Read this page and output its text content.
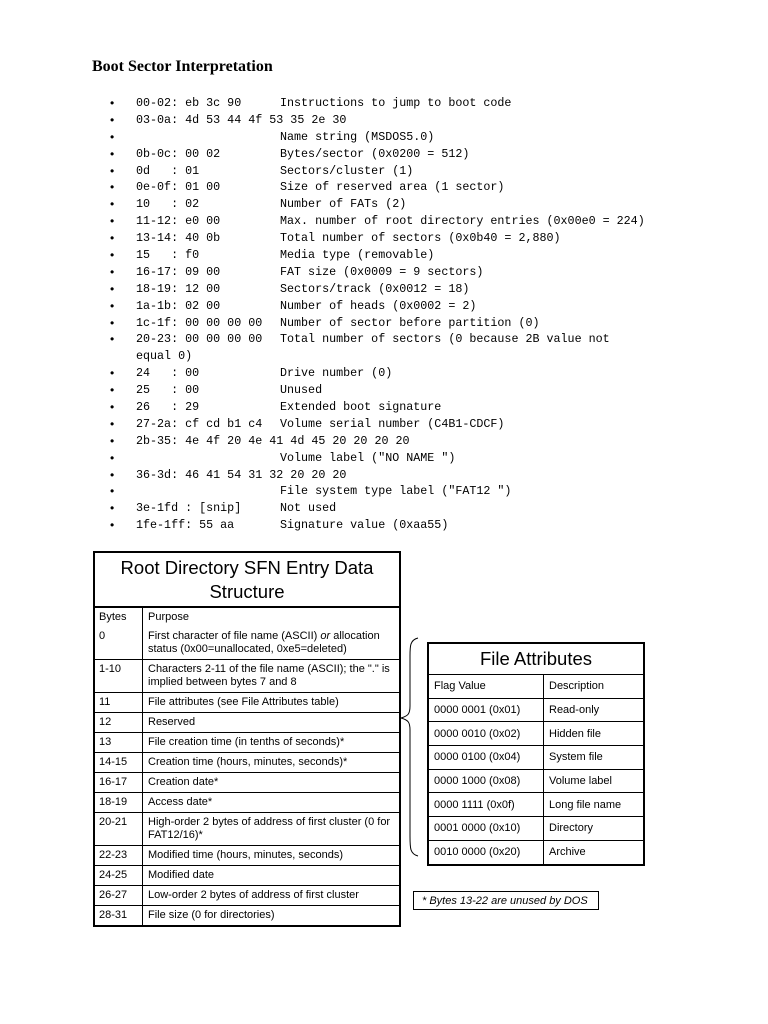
Boot Sector Interpretation
• 00-02: eb 3c 90	Instructions to jump to boot code
• 03-0a: 4d 53 44 4f 53 35 2e 30
•	Name string (MSDOS5.0)
• 0b-0c: 00 02	Bytes/sector (0x0200 = 512)
• 0d   : 01	Sectors/cluster (1)
• 0e-0f: 01 00	Size of reserved area (1 sector)
• 10   : 02	Number of FATs (2)
• 11-12: e0 00	Max. number of root directory entries (0x00e0 = 224)
• 13-14: 40 0b	Total number of sectors (0x0b40 = 2,880)
• 15   : f0	Media type (removable)
• 16-17: 09 00	FAT size (0x0009 = 9 sectors)
• 18-19: 12 00	Sectors/track (0x0012 = 18)
• 1a-1b: 02 00	Number of heads (0x0002 = 2)
• 1c-1f: 00 00 00 00 Number of sector before partition (0)
• 20-23: 00 00 00 00 Total number of sectors (0 because 2B value not
equal 0)
• 24   : 00	Drive number (0)
• 25   : 00	Unused
• 26   : 29	Extended boot signature
• 27-2a: cf cd b1 c4 Volume serial number (C4B1-CDCF)
• 2b-35: 4e 4f 20 4e 41 4d 45 20 20 20 20
•	Volume label ("NO NAME ")
• 36-3d: 46 41 54 31 32 20 20 20
•	File system type label ("FAT12 ")
• 3e-1fd : [snip]	Not used
• 1fe-1ff: 55 aa	Signature value (0xaa55)
Root Directory SFN Entry Data Structure
Bytes	Purpose
0	First character of file name (ASCII) or allocation status (0x00=unallocated, 0xe5=deleted)
1-10	Characters 2-11 of the file name (ASCII); the "." is implied between bytes 7 and 8
11	File attributes (see File Attributes table)
12	Reserved
13	File creation time (in tenths of seconds)*
14-15	Creation time (hours, minutes, seconds)*
16-17	Creation date*
18-19	Access date*
20-21	High-order 2 bytes of address of first cluster (0 for FAT12/16)*
22-23	Modified time (hours, minutes, seconds)
24-25	Modified date
26-27	Low-order 2 bytes of address of first cluster
28-31	File size (0 for directories)
File Attributes
Flag Value	Description
0000 0001 (0x01)	Read-only
0000 0010 (0x02)	Hidden file
0000 0100 (0x04)	System file
0000 1000 (0x08)	Volume label
0000 1111 (0x0f)	Long file name
0001 0000 (0x10)	Directory
0010 0000 (0x20)	Archive
* Bytes 13-22 are unused by DOS
